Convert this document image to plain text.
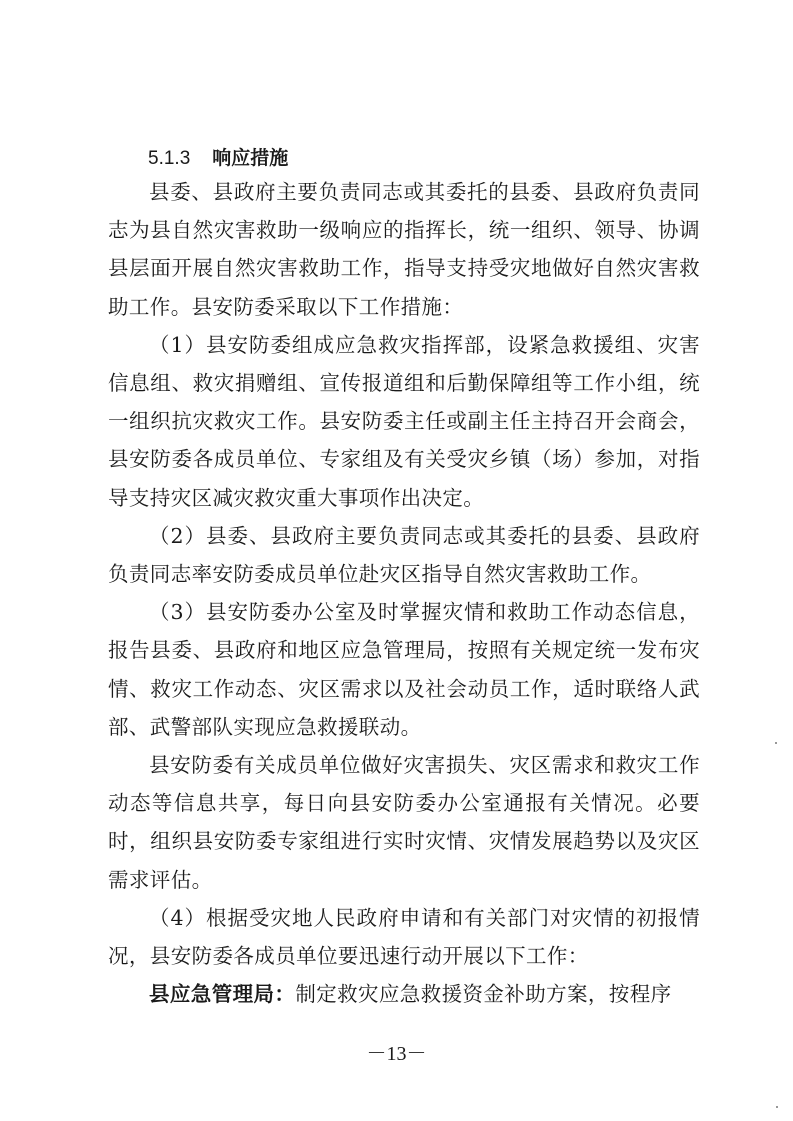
5.1.3 响应措施

县委、县政府主要负责同志或其委托的县委、县政府负责同志为县自然灾害救助一级响应的指挥长，统一组织、领导、协调县层面开展自然灾害救助工作，指导支持受灾地做好自然灾害救助工作。县安防委采取以下工作措施：

（1）县安防委组成应急救灾指挥部，设紧急救援组、灾害信息组、救灾捐赠组、宣传报道组和后勤保障组等工作小组，统一组织抗灾救灾工作。县安防委主任或副主任主持召开会商会，县安防委各成员单位、专家组及有关受灾乡镇（场）参加，对指导支持灾区减灾救灾重大事项作出决定。

（2）县委、县政府主要负责同志或其委托的县委、县政府负责同志率安防委成员单位赴灾区指导自然灾害救助工作。

（3）县安防委办公室及时掌握灾情和救助工作动态信息，报告县委、县政府和地区应急管理局，按照有关规定统一发布灾情、救灾工作动态、灾区需求以及社会动员工作，适时联络人武部、武警部队实现应急救援联动。

县安防委有关成员单位做好灾害损失、灾区需求和救灾工作动态等信息共享，每日向县安防委办公室通报有关情况。必要时，组织县安防委专家组进行实时灾情、灾情发展趋势以及灾区需求评估。

（4）根据受灾地人民政府申请和有关部门对灾情的初报情况，县安防委各成员单位要迅速行动开展以下工作：

县应急管理局：制定救灾应急救援资金补助方案，按程序

－13－
